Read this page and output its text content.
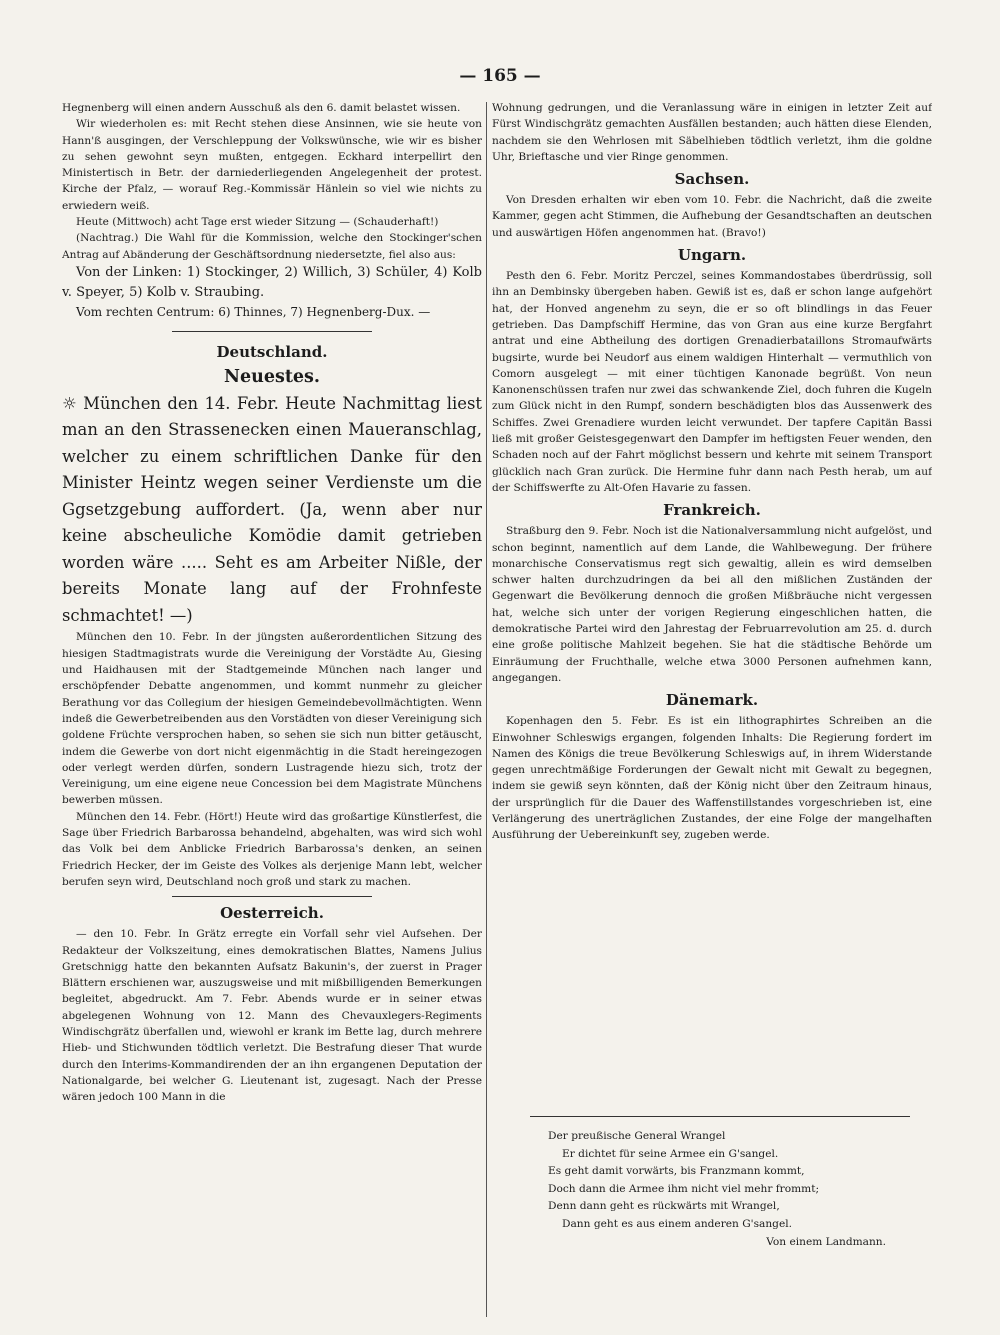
— 165 —

Hegnenberg will einen andern Ausschuß als den 6. damit belastet wissen.

Wir wiederholen es: mit Recht stehen diese Ansinnen, wie sie heute von Hann'ß ausgingen, der Verschleppung der Volkswünsche, wie wir es bisher zu sehen gewohnt seyn mußten, entgegen. Eckhard interpellirt den Ministertisch in Betr. der darniederliegenden Angelegenheit der protest. Kirche der Pfalz, — worauf Reg.-Kommissär Hänlein so viel wie nichts zu erwiedern weiß.

Heute (Mittwoch) acht Tage erst wieder Sitzung — (Schauderhaft!)

(Nachtrag.) Die Wahl für die Kommission, welche den Stockinger'schen Antrag auf Abänderung der Geschäftsordnung niedersetzte, fiel also aus:

Von der Linken: 1) Stockinger, 2) Willich, 3) Schüler, 4) Kolb v. Speyer, 5) Kolb v. Straubing.

Vom rechten Centrum: 6) Thinnes, 7) Hegnenberg-Dux. —

Deutschland.
Neuestes.

☼ München den 14. Febr. Heute Nachmittag liest man an den Strassenecken einen Maueranschlag, welcher zu einem schriftlichen Danke für den Minister Heintz wegen seiner Verdienste um die Ggsetzgebung auffordert. (Ja, wenn aber nur keine abscheuliche Komödie damit getrieben worden wäre ..... Seht es am Arbeiter Nißle, der bereits Monate lang auf der Frohnfeste schmachtet! —)

München den 10. Febr. In der jüngsten außerordentlichen Sitzung des hiesigen Stadtmagistrats wurde die Vereinigung der Vorstädte Au, Giesing und Haidhausen mit der Stadtgemeinde München nach langer und erschöpfender Debatte angenommen, und kommt nunmehr zu gleicher Berathung vor das Collegium der hiesigen Gemeindebevollmächtigten. Wenn indeß die Gewerbetreibenden aus den Vorstädten von dieser Vereinigung sich goldene Früchte versprochen haben, so sehen sie sich nun bitter getäuscht, indem die Gewerbe von dort nicht eigenmächtig in die Stadt hereingezogen oder verlegt werden dürfen, sondern Lustragende hiezu sich, trotz der Vereinigung, um eine eigene neue Concession bei dem Magistrate Münchens bewerben müssen.

München den 14. Febr. (Hört!) Heute wird das großartige Künstlerfest, die Sage über Friedrich Barbarossa behandelnd, abgehalten, was wird sich wohl das Volk bei dem Anblicke Friedrich Barbarossa's denken, an seinen Friedrich Hecker, der im Geiste des Volkes als derjenige Mann lebt, welcher berufen seyn wird, Deutschland noch groß und stark zu machen.

Oesterreich.

— den 10. Febr. In Grätz erregte ein Vorfall sehr viel Aufsehen. Der Redakteur der Volkszeitung, eines demokratischen Blattes, Namens Julius Gretschnigg hatte den bekannten Aufsatz Bakunin's, der zuerst in Prager Blättern erschienen war, auszugsweise und mit mißbilligenden Bemerkungen begleitet, abgedruckt. Am 7. Febr. Abends wurde er in seiner etwas abgelegenen Wohnung von 12. Mann des Chevauxlegers-Regiments Windischgrätz überfallen und, wiewohl er krank im Bette lag, durch mehrere Hieb- und Stichwunden tödtlich verletzt. Die Bestrafung dieser That wurde durch den Interims-Kommandirenden der an ihn ergangenen Deputation der Nationalgarde, bei welcher G. Lieutenant ist, zugesagt. Nach der Presse wären jedoch 100 Mann in die

Wohnung gedrungen, und die Veranlassung wäre in einigen in letzter Zeit auf Fürst Windischgrätz gemachten Ausfällen bestanden; auch hätten diese Elenden, nachdem sie den Wehrlosen mit Säbelhieben tödtlich verletzt, ihm die goldne Uhr, Brieftasche und vier Ringe genommen.

Sachsen.

Von Dresden erhalten wir eben vom 10. Febr. die Nachricht, daß die zweite Kammer, gegen acht Stimmen, die Aufhebung der Gesandtschaften an deutschen und auswärtigen Höfen angenommen hat. (Bravo!)

Ungarn.

Pesth den 6. Febr. Moritz Perczel, seines Kommandostabes überdrüssig, soll ihn an Dembinsky übergeben haben. Gewiß ist es, daß er schon lange aufgehört hat, der Honved angenehm zu seyn, die er so oft blindlings in das Feuer getrieben. Das Dampfschiff Hermine, das von Gran aus eine kurze Bergfahrt antrat und eine Abtheilung des dortigen Grenadierbataillons Stromaufwärts bugsirte, wurde bei Neudorf aus einem waldigen Hinterhalt — vermuthlich von Comorn ausgelegt — mit einer tüchtigen Kanonade begrüßt. Von neun Kanonenschüssen trafen nur zwei das schwankende Ziel, doch fuhren die Kugeln zum Glück nicht in den Rumpf, sondern beschädigten blos das Aussenwerk des Schiffes. Zwei Grenadiere wurden leicht verwundet. Der tapfere Capitän Bassi ließ mit großer Geistesgegenwart den Dampfer im heftigsten Feuer wenden, den Schaden noch auf der Fahrt möglichst bessern und kehrte mit seinem Transport glücklich nach Gran zurück. Die Hermine fuhr dann nach Pesth herab, um auf der Schiffswerfte zu Alt-Ofen Havarie zu fassen.

Frankreich.

Straßburg den 9. Febr. Noch ist die Nationalversammlung nicht aufgelöst, und schon beginnt, namentlich auf dem Lande, die Wahlbewegung. Der frühere monarchische Conservatismus regt sich gewaltig, allein es wird demselben schwer halten durchzudringen da bei all den mißlichen Zuständen der Gegenwart die Bevölkerung dennoch die großen Mißbräuche nicht vergessen hat, welche sich unter der vorigen Regierung eingeschlichen hatten, die demokratische Partei wird den Jahrestag der Februarrevolution am 25. d. durch eine große politische Mahlzeit begehen. Sie hat die städtische Behörde um Einräumung der Fruchthalle, welche etwa 3000 Personen aufnehmen kann, angegangen.

Dänemark.

Kopenhagen den 5. Febr. Es ist ein lithographirtes Schreiben an die Einwohner Schleswigs ergangen, folgenden Inhalts: Die Regierung fordert im Namen des Königs die treue Bevölkerung Schleswigs auf, in ihrem Widerstande gegen unrechtmäßige Forderungen der Gewalt nicht mit Gewalt zu begegnen, indem sie gewiß seyn könnten, daß der König nicht über den Zeitraum hinaus, der ursprünglich für die Dauer des Waffenstillstandes vorgeschrieben ist, eine Verlängerung des unerträglichen Zustandes, der eine Folge der mangelhaften Ausführung der Uebereinkunft sey, zugeben werde.

Der preußische General Wrangel

Er dichtet für seine Armee ein G'sangel.

Es geht damit vorwärts, bis Franzmann kommt,

Doch dann die Armee ihm nicht viel mehr frommt;

Denn dann geht es rückwärts mit Wrangel,

Dann geht es aus einem anderen G'sangel.

Von einem Landmann.
